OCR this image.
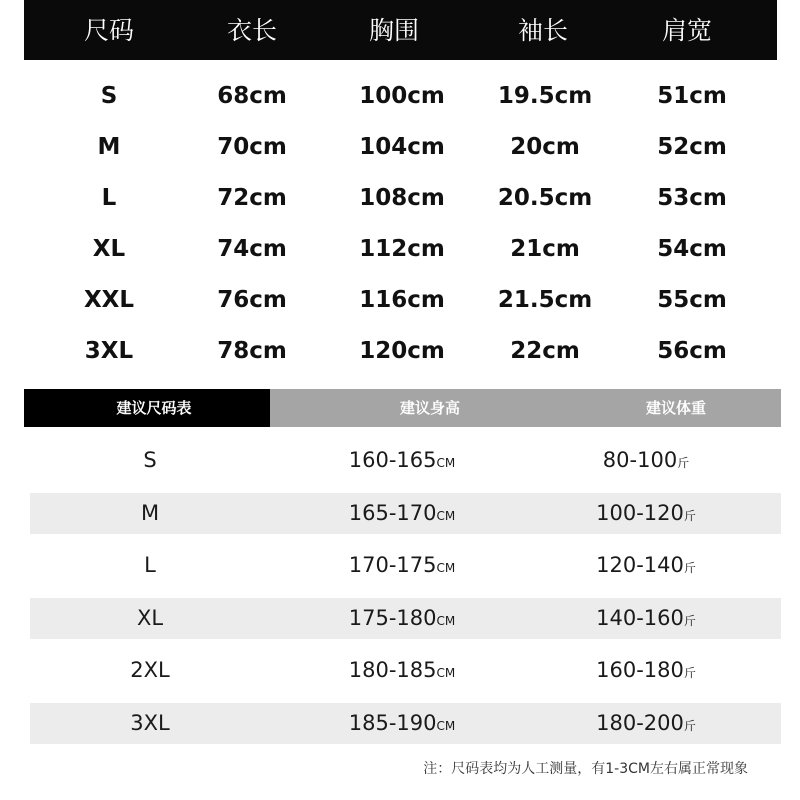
尺码	衣长	胸围	袖长	肩宽
S	68cm	100cm 19.5cm	51cm
M	70cm	104cm	20cm	52cm
L	72cm	108cm 20.5cm	53cm
XL	74cm	112cm	21cm	54cm
XXL	76cm	116cm 21.5cm	55cm
3XL	78cm	120cm	22cm	56cm
建议尺码表	建议身高	建议体重
S	160-165CM	80-100斤
M	165-170CM	100-120斤
L	170-175CM	120-140斤
XL	175-180CM	140-160斤
2XL	180-185CM	160-180斤
3XL	185-190CM	180-200斤
注：尺码表均为人工测量，有1-3CM左右属正常现象
